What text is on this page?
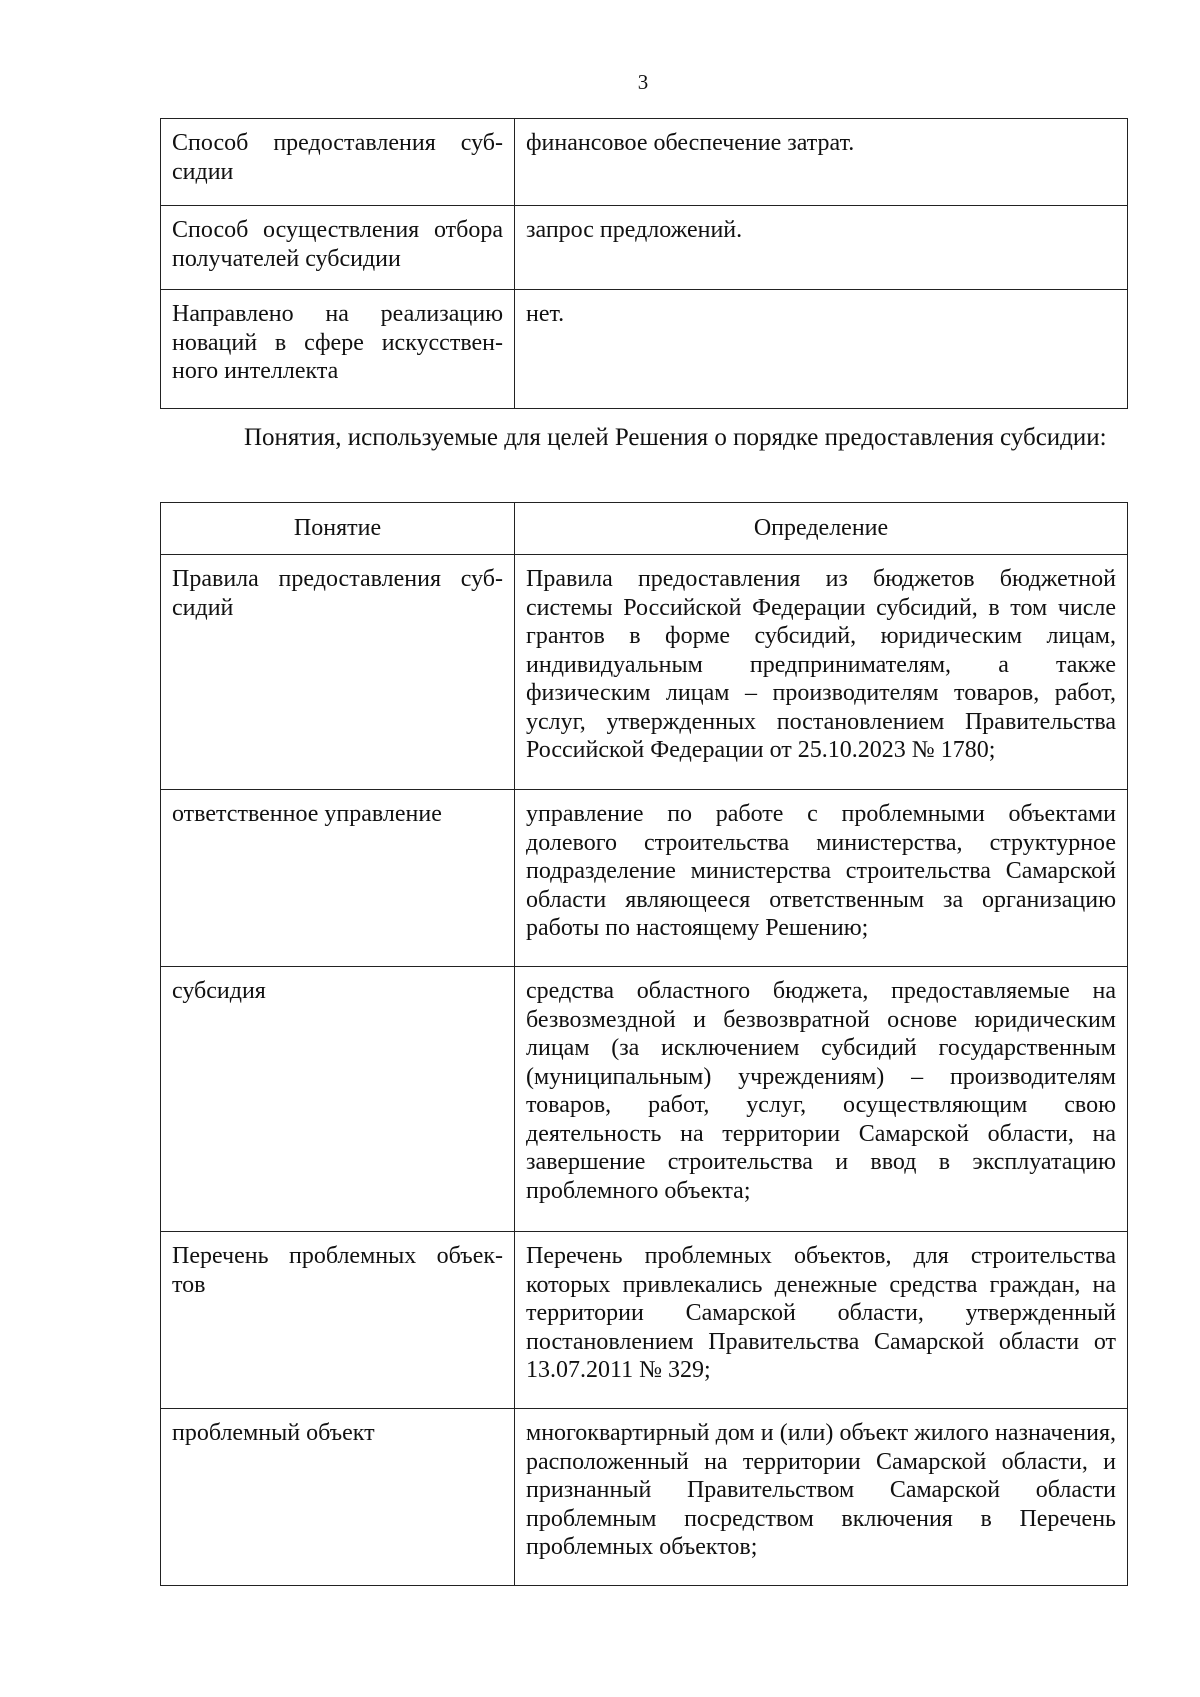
3
Способ предоставления суб-сидии	финансовое обеспечение затрат.
Способ осуществления отбора получателей субсидии	запрос предложений.
Направлено на реализацию новаций в сфере искусствен-ного интеллекта	нет.

Понятия, используемые для целей Решения о порядке предоставления субсидии:

Понятие	Определение
Правила предоставления суб-сидий	Правила предоставления из бюджетов бюджетной системы Российской Федерации субсидий, в том числе грантов в форме субсидий, юридическим лицам, индивидуальным предпринимателям, а также физическим лицам – производителям товаров, работ, услуг, утвержденных постановлением Правительства Российской Федерации от 25.10.2023 № 1780;
ответственное управление	управление по работе с проблемными объектами долевого строительства министерства, структурное подразделение министерства строительства Самарской области являющееся ответственным за организацию работы по настоящему Решению;
субсидия	средства областного бюджета, предоставляемые на безвозмездной и безвозвратной основе юридическим лицам (за исключением субсидий государственным (муниципальным) учреждениям) – производителям товаров, работ, услуг, осуществляющим свою деятельность на территории Самарской области, на завершение строительства и ввод в эксплуатацию проблемного объекта;
Перечень проблемных объек-тов	Перечень проблемных объектов, для строительства которых привлекались денежные средства граждан, на территории Самарской области, утвержденный постановлением Правительства Самарской области от 13.07.2011 № 329;
проблемный объект	многоквартирный дом и (или) объект жилого назначения, расположенный на территории Самарской области, и признанный Правительством Самарской области проблемным посредством включения в Перечень проблемных объектов;
